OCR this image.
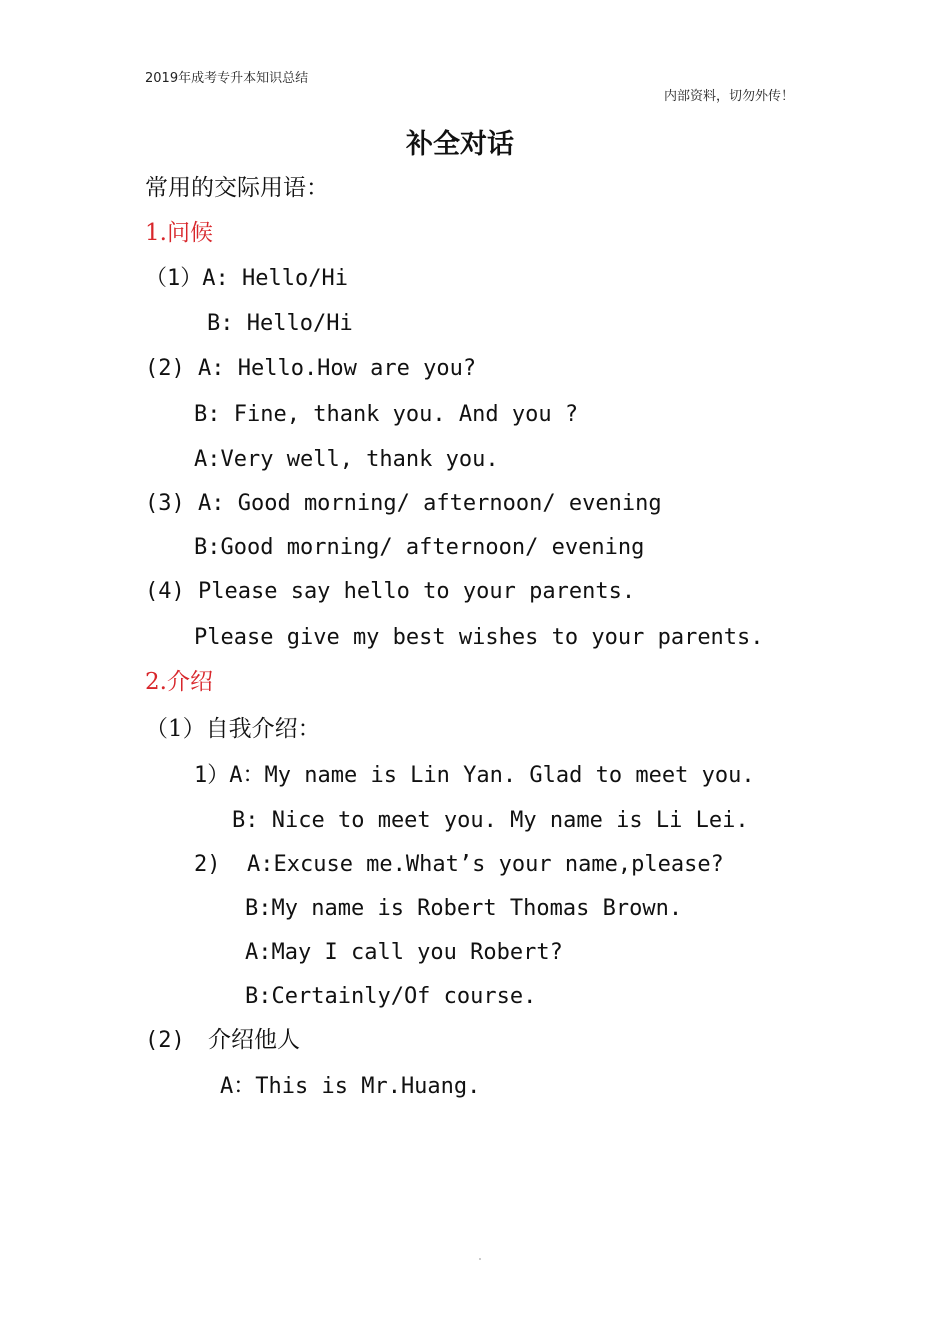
2019年成考专升本知识总结
内部资料，切勿外传！
补全对话
常用的交际用语：
1.问候
（1）A: Hello/Hi
B: Hello/Hi
(2) A: Hello.How are you?
B: Fine, thank you. And you ?
A:Very well, thank you.
(3) A: Good morning/ afternoon/ evening
B:Good morning/ afternoon/ evening
(4) Please say hello to your parents.
Please give my best wishes to your parents.
2.介绍
（1）自我介绍：
1）A：My name is Lin Yan. Glad to meet you.
B: Nice to meet you. My name is Li Lei.
2)  A:Excuse me.What’s your name,please?
B:My name is Robert Thomas Brown.
A:May I call you Robert?
B:Certainly/Of course.
(2) 介绍他人
A：This is Mr.Huang.
